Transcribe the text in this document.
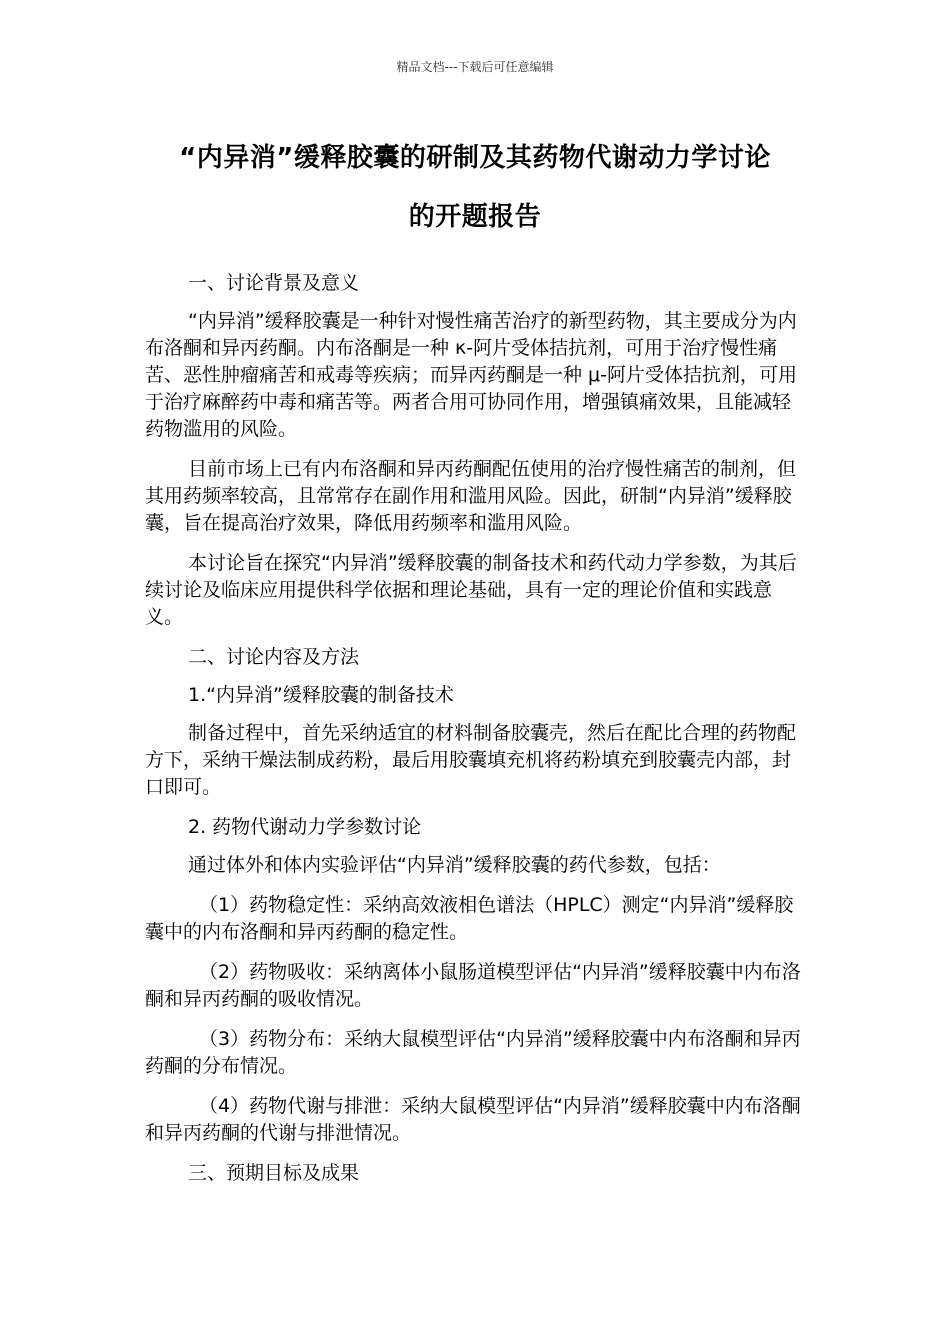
精品文档---下载后可任意编辑
“内异消”缓释胶囊的研制及其药物代谢动力学讨论
的开题报告

一、讨论背景及意义

“内异消”缓释胶囊是一种针对慢性痛苦治疗的新型药物，其主要成分为内布洛酮和异丙药酮。内布洛酮是一种 κ-阿片受体拮抗剂，可用于治疗慢性痛苦、恶性肿瘤痛苦和戒毒等疾病；而异丙药酮是一种 μ-阿片受体拮抗剂，可用于治疗麻醉药中毒和痛苦等。两者合用可协同作用，增强镇痛效果，且能减轻药物滥用的风险。

目前市场上已有内布洛酮和异丙药酮配伍使用的治疗慢性痛苦的制剂，但其用药频率较高，且常常存在副作用和滥用风险。因此，研制“内异消”缓释胶囊，旨在提高治疗效果，降低用药频率和滥用风险。

本讨论旨在探究“内异消”缓释胶囊的制备技术和药代动力学参数，为其后续讨论及临床应用提供科学依据和理论基础，具有一定的理论价值和实践意义。

二、讨论内容及方法

1.“内异消”缓释胶囊的制备技术

制备过程中，首先采纳适宜的材料制备胶囊壳，然后在配比合理的药物配方下，采纳干燥法制成药粉，最后用胶囊填充机将药粉填充到胶囊壳内部，封口即可。

2. 药物代谢动力学参数讨论

通过体外和体内实验评估“内异消”缓释胶囊的药代参数，包括：

（1）药物稳定性：采纳高效液相色谱法（HPLC）测定“内异消”缓释胶囊中的内布洛酮和异丙药酮的稳定性。

（2）药物吸收：采纳离体小鼠肠道模型评估“内异消”缓释胶囊中内布洛酮和异丙药酮的吸收情况。

（3）药物分布：采纳大鼠模型评估“内异消”缓释胶囊中内布洛酮和异丙药酮的分布情况。

（4）药物代谢与排泄：采纳大鼠模型评估“内异消”缓释胶囊中内布洛酮和异丙药酮的代谢与排泄情况。

三、预期目标及成果
